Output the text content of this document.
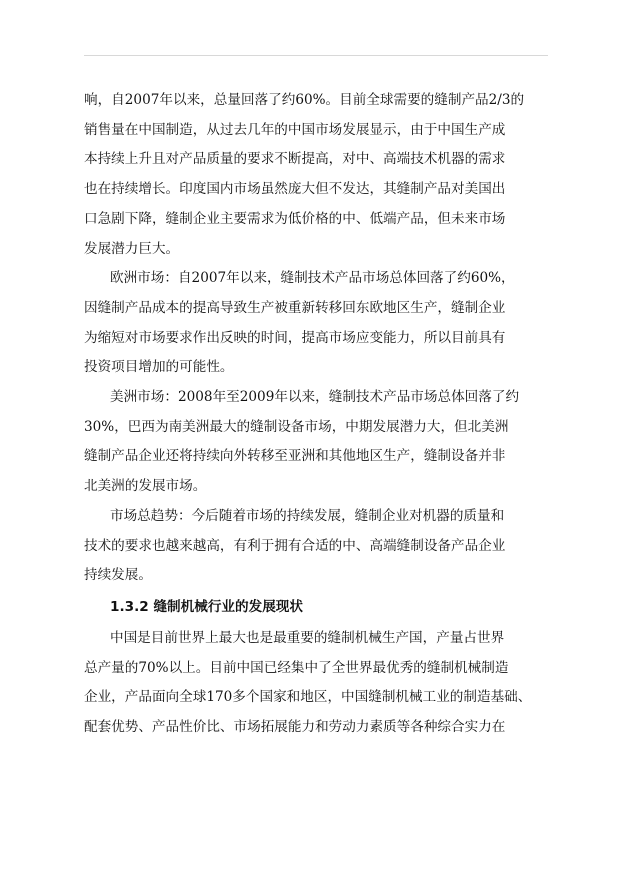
响，自2007年以来，总量回落了约60%。目前全球需要的缝制产品2/3的
销售量在中国制造，从过去几年的中国市场发展显示，由于中国生产成
本持续上升且对产品质量的要求不断提高，对中、高端技术机器的需求
也在持续增长。印度国内市场虽然庞大但不发达，其缝制产品对美国出
口急剧下降，缝制企业主要需求为低价格的中、低端产品，但未来市场
发展潜力巨大。

欧洲市场：自2007年以来，缝制技术产品市场总体回落了约60%，
因缝制产品成本的提高导致生产被重新转移回东欧地区生产，缝制企业
为缩短对市场要求作出反映的时间，提高市场应变能力，所以目前具有
投资项目增加的可能性。

美洲市场：2008年至2009年以来，缝制技术产品市场总体回落了约
30%，巴西为南美洲最大的缝制设备市场，中期发展潜力大，但北美洲
缝制产品企业还将持续向外转移至亚洲和其他地区生产，缝制设备并非
北美洲的发展市场。

市场总趋势：今后随着市场的持续发展，缝制企业对机器的质量和
技术的要求也越来越高，有利于拥有合适的中、高端缝制设备产品企业
持续发展。

1.3.2 缝制机械行业的发展现状

中国是目前世界上最大也是最重要的缝制机械生产国，产量占世界
总产量的70%以上。目前中国已经集中了全世界最优秀的缝制机械制造
企业，产品面向全球170多个国家和地区，中国缝制机械工业的制造基础、
配套优势、产品性价比、市场拓展能力和劳动力素质等各种综合实力在
